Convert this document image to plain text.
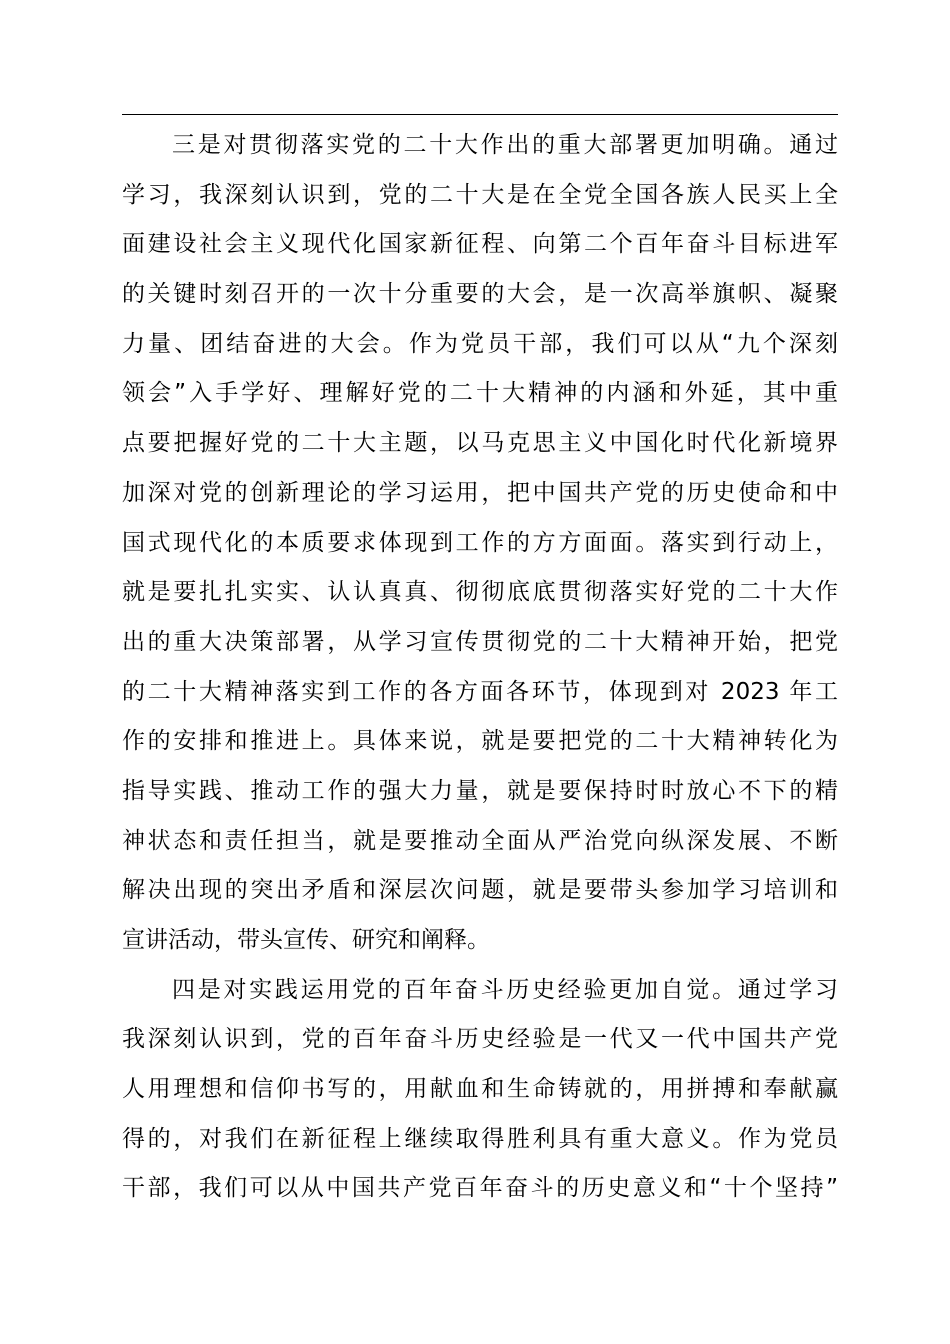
三是对贯彻落实党的二十大作出的重大部署更加明确。通过
学习，我深刻认识到，党的二十大是在全党全国各族人民买上全
面建设社会主义现代化国家新征程、向第二个百年奋斗目标进军
的关键时刻召开的一次十分重要的大会，是一次高举旗帜、凝聚
力量、团结奋进的大会。作为党员干部，我们可以从“九个深刻
领会”入手学好、理解好党的二十大精神的内涵和外延，其中重
点要把握好党的二十大主题，以马克思主义中国化时代化新境界
加深对党的创新理论的学习运用，把中国共产党的历史使命和中
国式现代化的本质要求体现到工作的方方面面。落实到行动上，
就是要扎扎实实、认认真真、彻彻底底贯彻落实好党的二十大作
出的重大决策部署，从学习宣传贯彻党的二十大精神开始，把党
的二十大精神落实到工作的各方面各环节，体现到对 2023 年工
作的安排和推进上。具体来说，就是要把党的二十大精神转化为
指导实践、推动工作的强大力量，就是要保持时时放心不下的精
神状态和责任担当，就是要推动全面从严治党向纵深发展、不断
解决出现的突出矛盾和深层次问题，就是要带头参加学习培训和
宣讲活动，带头宣传、研究和阐释。
四是对实践运用党的百年奋斗历史经验更加自觉。通过学习
我深刻认识到，党的百年奋斗历史经验是一代又一代中国共产党
人用理想和信仰书写的，用献血和生命铸就的，用拼搏和奉献赢
得的，对我们在新征程上继续取得胜利具有重大意义。作为党员
干部，我们可以从中国共产党百年奋斗的历史意义和“十个坚持”
